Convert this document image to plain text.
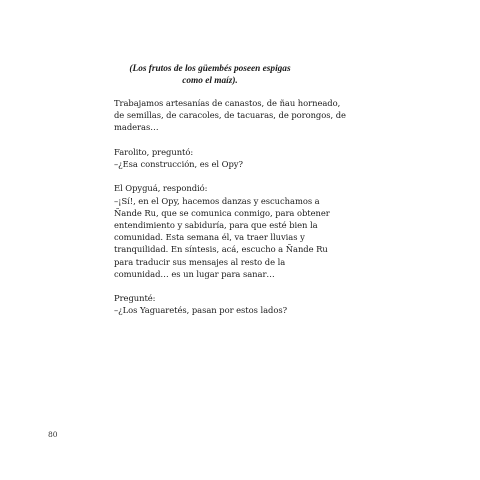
(Los frutos de los güembés poseen espigas
como el maíz).

Trabajamos artesanías de canastos, de ñau horneado,
de semillas, de caracoles, de tacuaras, de porongos, de
maderas…

Farolito, preguntó:
–¿Esa construcción, es el Opy?

El Opyguá, respondió:
–¡Sí!, en el Opy, hacemos danzas y escuchamos a
Ñande Ru, que se comunica conmigo, para obtener
entendimiento y sabiduría, para que esté bien la
comunidad. Esta semana él, va traer lluvias y
tranquilidad. En síntesis, acá, escucho a Ñande Ru
para traducir sus mensajes al resto de la
comunidad… es un lugar para sanar…

Pregunté:
–¿Los Yaguaretés, pasan por estos lados?

80
